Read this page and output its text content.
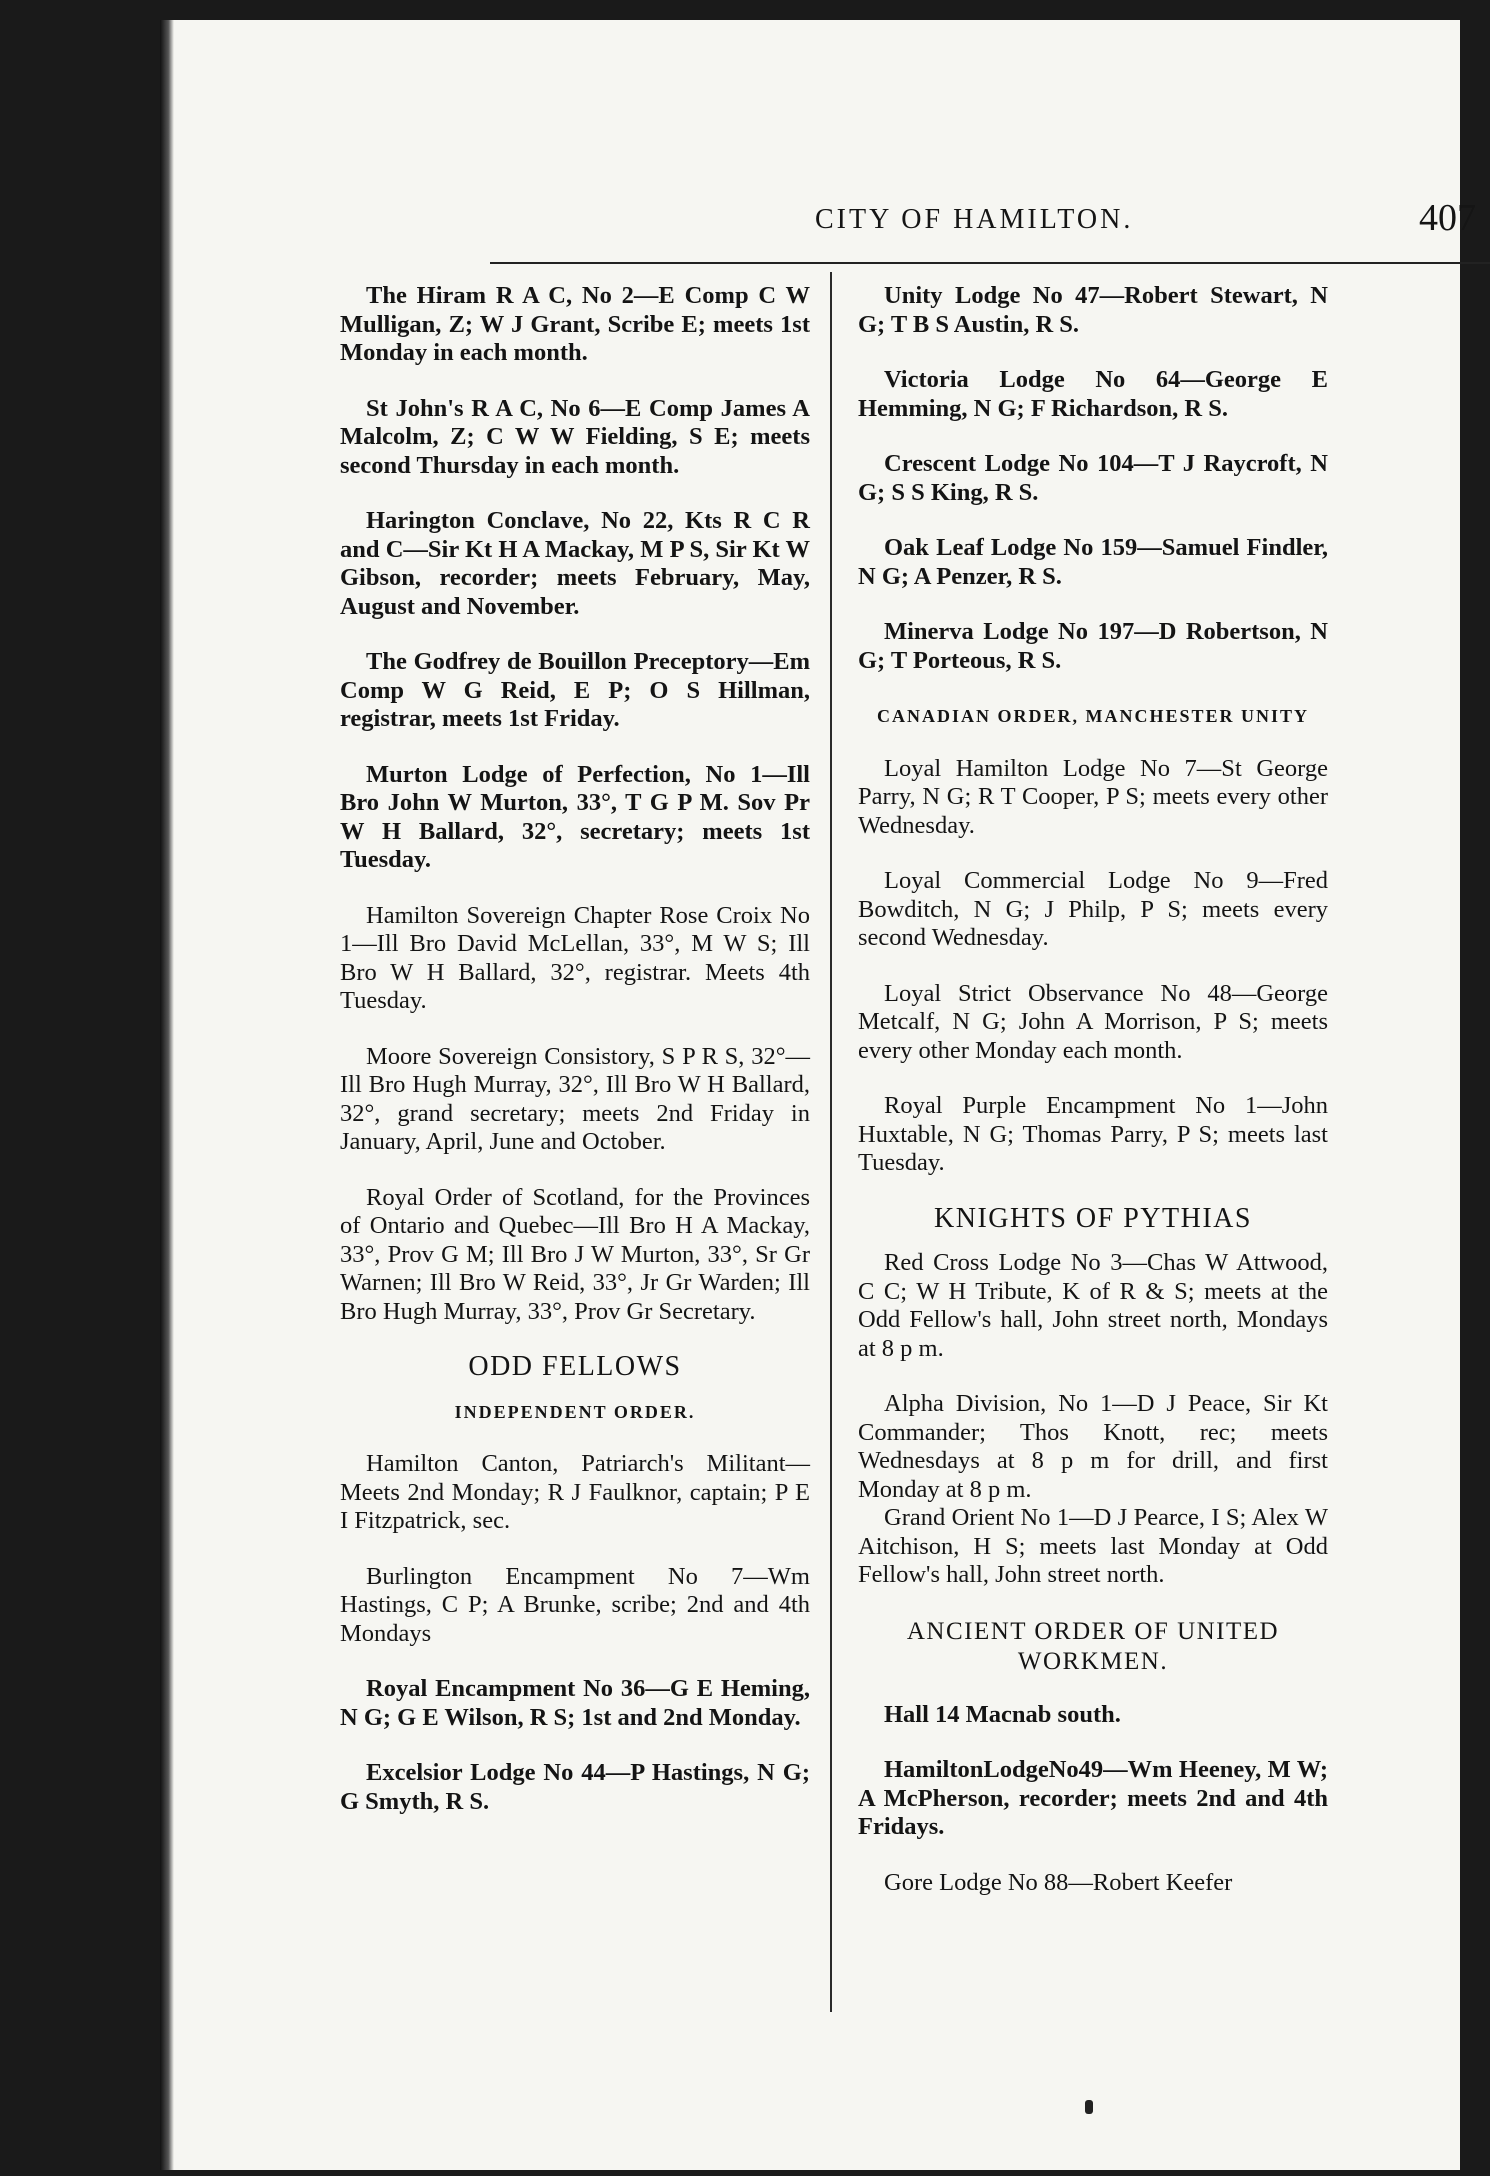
CITY OF HAMILTON.	407

The Hiram R A C, No 2—E Comp C W Mulligan, Z; W J Grant, Scribe E; meets 1st Monday in each month.

St John's R A C, No 6—E Comp James A Malcolm, Z; C W W Fielding, S E; meets second Thursday in each month.

Harington Conclave, No 22, Kts R C R and C—Sir Kt H A Mackay, M P S, Sir Kt W Gibson, recorder; meets February, May, August and November.

The Godfrey de Bouillon Preceptory—Em Comp W G Reid, E P; O S Hillman, registrar, meets 1st Friday.

Murton Lodge of Perfection, No 1—Ill Bro John W Murton, 33°, T G P M. Sov Pr W H Ballard, 32°, secretary; meets 1st Tuesday.

Hamilton Sovereign Chapter Rose Croix No 1—Ill Bro David McLellan, 33°, M W S; Ill Bro W H Ballard, 32°, registrar. Meets 4th Tuesday.

Moore Sovereign Consistory, S P R S, 32°—Ill Bro Hugh Murray, 32°, Ill Bro W H Ballard, 32°, grand secretary; meets 2nd Friday in January, April, June and October.

Royal Order of Scotland, for the Provinces of Ontario and Quebec—Ill Bro H A Mackay, 33°, Prov G M; Ill Bro J W Murton, 33°, Sr Gr Warnen; Ill Bro W Reid, 33°, Jr Gr Warden; Ill Bro Hugh Murray, 33°, Prov Gr Secretary.

ODD FELLOWS

INDEPENDENT ORDER.

Hamilton Canton, Patriarch's Militant—Meets 2nd Monday; R J Faulknor, captain; P E I Fitzpatrick, sec.

Burlington Encampment No 7—Wm Hastings, C P; A Brunke, scribe; 2nd and 4th Mondays

Royal Encampment No 36—G E Heming, N G; G E Wilson, R S; 1st and 2nd Monday.

Excelsior Lodge No 44—P Hastings, N G; G Smyth, R S.

Unity Lodge No 47—Robert Stewart, N G; T B S Austin, R S.

Victoria Lodge No 64—George E Hemming, N G; F Richardson, R S.

Crescent Lodge No 104—T J Raycroft, N G; S S King, R S.

Oak Leaf Lodge No 159—Samuel Findler, N G; A Penzer, R S.

Minerva Lodge No 197—D Robertson, N G; T Porteous, R S.

CANADIAN ORDER, MANCHESTER UNITY

Loyal Hamilton Lodge No 7—St George Parry, N G; R T Cooper, P S; meets every other Wednesday.

Loyal Commercial Lodge No 9—Fred Bowditch, N G; J Philp, P S; meets every second Wednesday.

Loyal Strict Observance No 48—George Metcalf, N G; John A Morrison, P S; meets every other Monday each month.

Royal Purple Encampment No 1—John Huxtable, N G; Thomas Parry, P S; meets last Tuesday.

KNIGHTS OF PYTHIAS

Red Cross Lodge No 3—Chas W Attwood, C C; W H Tribute, K of R & S; meets at the Odd Fellow's hall, John street north, Mondays at 8 p m.

Alpha Division, No 1—D J Peace, Sir Kt Commander; Thos Knott, rec; meets Wednesdays at 8 p m for drill, and first Monday at 8 p m.

Grand Orient No 1—D J Pearce, I S; Alex W Aitchison, H S; meets last Monday at Odd Fellow's hall, John street north.

ANCIENT ORDER OF UNITED WORKMEN.

Hall 14 Macnab south.

HamiltonLodgeNo49—Wm Heeney, M W; A McPherson, recorder; meets 2nd and 4th Fridays.

Gore Lodge No 88—Robert Keefer
